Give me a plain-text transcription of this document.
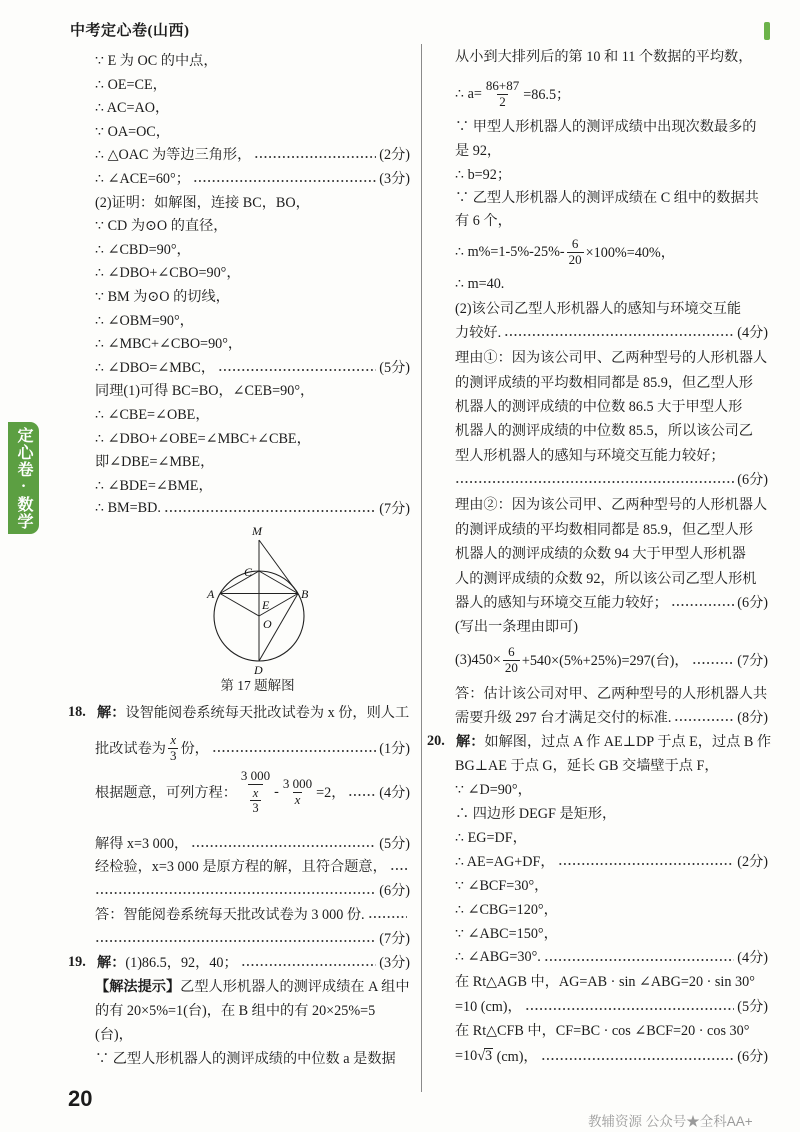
中考定心卷(山西)
定心卷·数学
∵ E 为 OC 的中点，
∴ OE=CE，
∴ AC=AO，
∵ OA=OC，
∴ △OAC 为等边三角形，	(2分)
∴ ∠ACE=60°；	(3分)
(2)证明：如解图，连接 BC，BO，
∵ CD 为⊙O 的直径，
∴ ∠CBD=90°，
∴ ∠DBO+∠CBO=90°，
∵ BM 为⊙O 的切线，
∴ ∠OBM=90°，
∴ ∠MBC+∠CBO=90°，
∴ ∠DBO=∠MBC，	(5分)
同理(1)可得 BC=BO，∠CEB=90°，
∴ ∠CBE=∠OBE，
∴ ∠DBO+∠OBE=∠MBC+∠CBE，
即∠DBE=∠MBE，
∴ ∠BDE=∠BME，
∴ BM=BD.	(7分)
M
C
A	B
E
O
D
第 17 题解图
18. 解： 设智能阅卷系统每天批改试卷为 x 份，则人工
批改试卷为 $\frac{x}{3}$ 份，	(1分)
根据题意，可列方程： $\frac{3 000}{\frac{x}{3}} - \frac{3 000}{x} =2$， (4分)
解得 x=3 000，	(5分)
经检验，x=3 000 是原方程的解，且符合题意，
(6分)
答：智能阅卷系统每天批改试卷为 3 000 份.
(7分)
19. 解： (1)86.5，92，40；	(3分)
【解法提示】 乙型人形机器人的测评成绩在 A 组中
的有 20×5%=1(台)，在 B 组中的有 20×25%=5
(台)，
∵ 乙型人形机器人的测评成绩的中位数 a 是数据
从小到大排列后的第 10 和 11 个数据的平均数，
∴ $a= \frac{86+87}{2} =86.5$；
∵ 甲型人形机器人的测评成绩中出现次数最多的
是 92，
∴ b=92；
∵ 乙型人形机器人的测评成绩在 C 组中的数据共
有 6 个，
∴ $m\%=1-5\%-25\%- \frac{6}{20} \times 100\%=40\%$，
∴ m=40.
(2)该公司乙型人形机器人的感知与环境交互能
力较好.	(4分)
理由①：因为该公司甲、乙两种型号的人形机器人
的测评成绩的平均数相同都是 85.9，但乙型人形
机器人的测评成绩的中位数 86.5 大于甲型人形
机器人的测评成绩的中位数 85.5，所以该公司乙
型人形机器人的感知与环境交互能力较好；
(6分)
理由②：因为该公司甲、乙两种型号的人形机器人
的测评成绩的平均数相同都是 85.9，但乙型人形
机器人的测评成绩的众数 94 大于甲型人形机器
人的测评成绩的众数 92，所以该公司乙型人形机
器人的感知与环境交互能力较好；	(6分)
(写出一条理由即可)
$(3)450\times \frac{6}{20} +540\times(5\%+25\%)=297$(台)，	(7分)
答：估计该公司对甲、乙两种型号的人形机器人共
需要升级 297 台才满足交付的标准.	(8分)
20. 解： 如解图，过点 A 作 AE⊥DP 于点 E，过点 B 作
BG⊥AE 于点 G，延长 GB 交墙壁于点 F，
∵ ∠D=90°，
∴ 四边形 DEGF 是矩形，
∴ EG=DF，
∴ AE=AG+DF，	(2分)
∵ ∠BCF=30°，
∴ ∠CBG=120°，
∵ ∠ABC=150°，
∴ ∠ABG=30°.	(4分)
在 Rt△AGB 中，AG=AB · sin ∠ABG=20 · sin 30°
=10 (cm)，	(5分)
在 Rt△CFB 中，CF=BC · cos ∠BCF=20 · cos 30°
=10 √ 3 (cm)，	(6分)
20
教辅资源 公众号★全科AA+
